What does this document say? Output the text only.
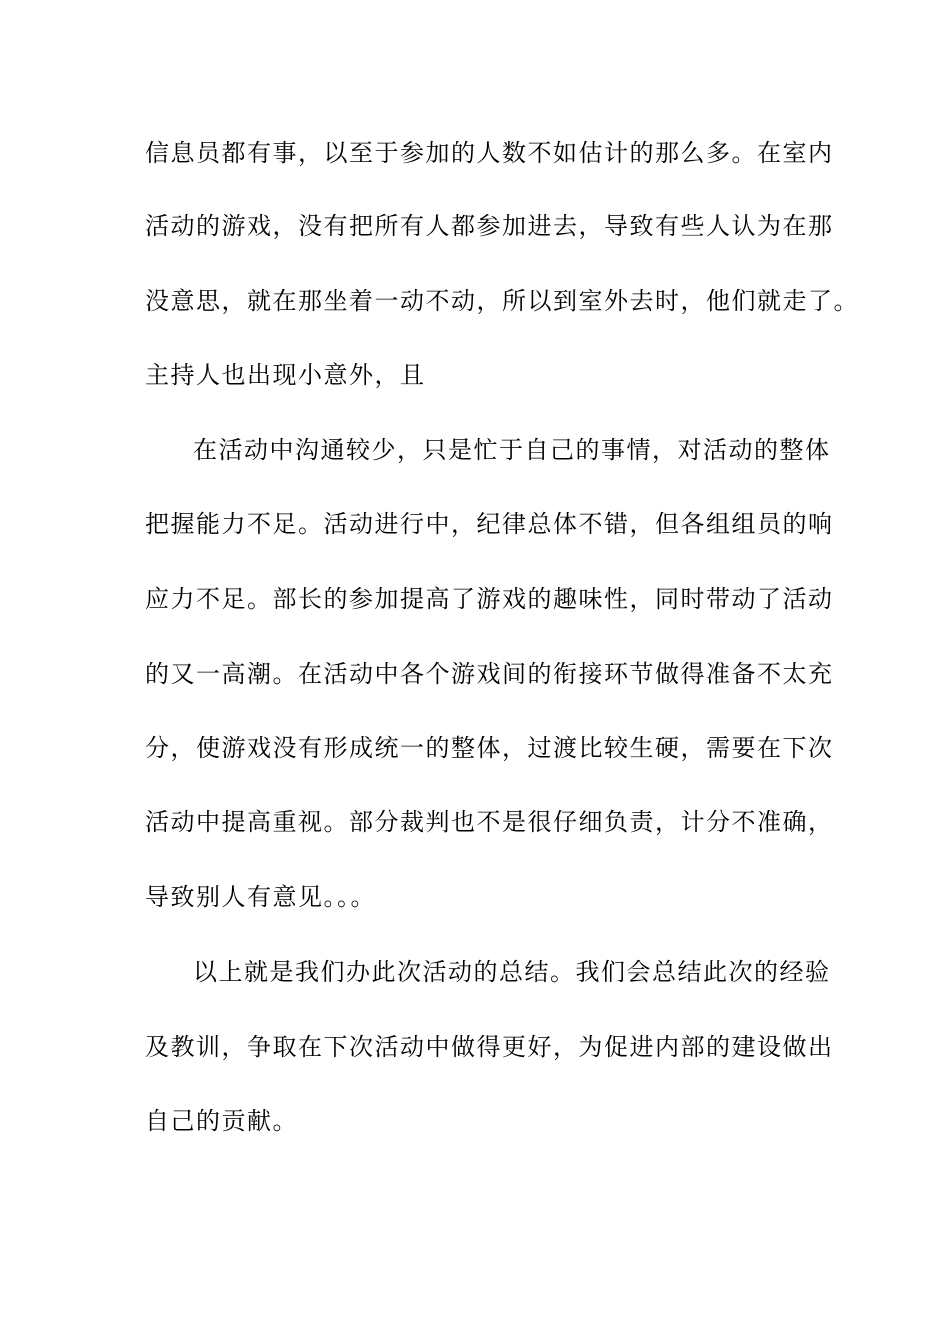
信息员都有事，以至于参加的人数不如估计的那么多。在室内
活动的游戏，没有把所有人都参加进去，导致有些人认为在那
没意思，就在那坐着一动不动，所以到室外去时，他们就走了。
主持人也出现小意外，且
在活动中沟通较少，只是忙于自己的事情，对活动的整体
把握能力不足。活动进行中，纪律总体不错，但各组组员的响
应力不足。部长的参加提高了游戏的趣味性，同时带动了活动
的又一高潮。在活动中各个游戏间的衔接环节做得准备不太充
分，使游戏没有形成统一的整体，过渡比较生硬，需要在下次
活动中提高重视。部分裁判也不是很仔细负责，计分不准确，
导致别人有意见。。。
以上就是我们办此次活动的总结。我们会总结此次的经验
及教训，争取在下次活动中做得更好，为促进内部的建设做出
自己的贡献。
